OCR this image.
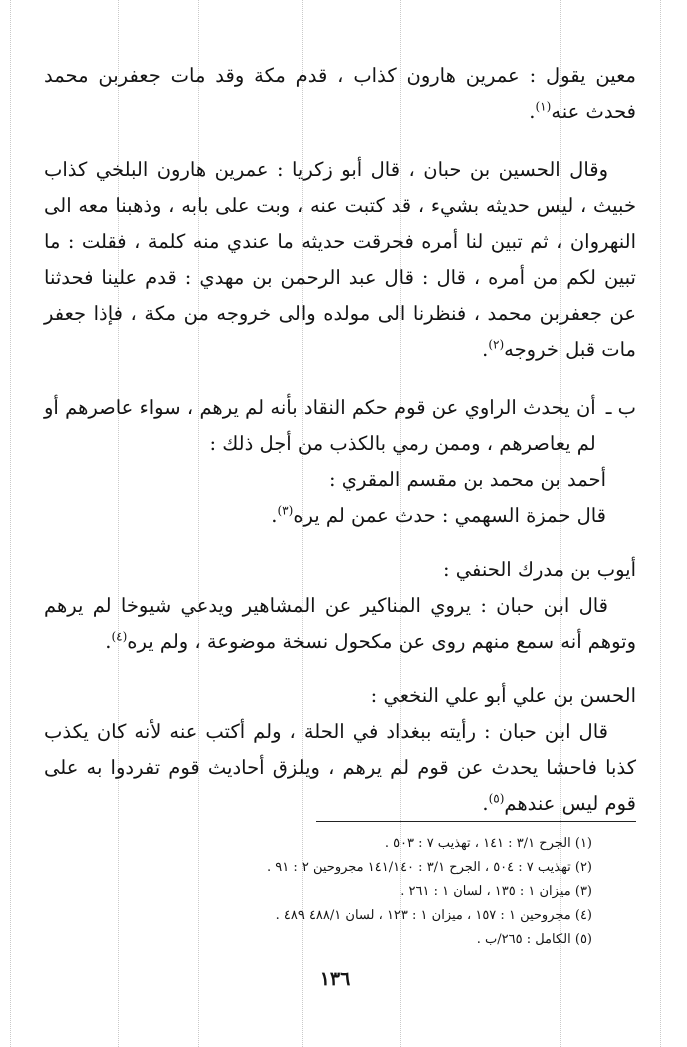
معين يقول : عمرين هارون كذاب ، قدم مكة وقد مات جعفربن محمد فحدث عنه$^{(١)}$.

وقال الحسين بن حبان ، قال أبو زكريا : عمرين هارون البلخي كذاب خبيث ، ليس حديثه بشيء ، قد كتبت عنه ، وبت على بابه ، وذهبنا معه الى النهروان ، ثم تبين لنا أمره فحرقت حديثه ما عندي منه كلمة ، فقلت : ما تبين لكم من أمره ، قال : قال عبد الرحمن بن مهدي : قدم علينا فحدثنا عن جعفربن محمد ، فنظرنا الى مولده والى خروجه من مكة ، فإذا جعفر مات قبل خروجه$^{(٢)}$.

ب ـ
أن يحدث الراوي عن قوم حكم النقاد بأنه لم يرهم ، سواء عاصرهم أو لم يعاصرهم ، وممن رمي بالكذب من أجل ذلك :

أحمد بن محمد بن مقسم المقري :

قال حمزة السهمي : حدث عمن لم يره$^{(٣)}$.

أيوب بن مدرك الحنفي :

قال ابن حبان : يروي المناكير عن المشاهير ويدعي شيوخا لم يرهم وتوهم أنه سمع منهم روى عن مكحول نسخة موضوعة ، ولم يره$^{(٤)}$.

الحسن بن علي أبو علي النخعي :

قال ابن حبان : رأيته ببغداد في الحلة ، ولم أكتب عنه لأنه كان يكذب كذبا فاحشا يحدث عن قوم لم يرهم ، ويلزق أحاديث قوم تفردوا به على قوم ليس عندهم$^{(٥)}$.

(١) الجرح ٣/١ : ١٤١ ، تهذيب ٧ : ٥٠٣ .
(٢) تهذيب ٧ : ٥٠٤ ، الجرح ٣/١ : ١٤١/١٤٠ مجروحين ٢ : ٩١ .
(٣) ميزان ١ : ١٣٥ ، لسان ١ : ٢٦١ .
(٤) مجروحين ١ : ١٥٧ ، ميزان ١ : ١٢٣ ، لسان ٤٨٨/١ ٤٨٩ .
(٥) الكامل : ٢٦٥/ب .
١٣٦
